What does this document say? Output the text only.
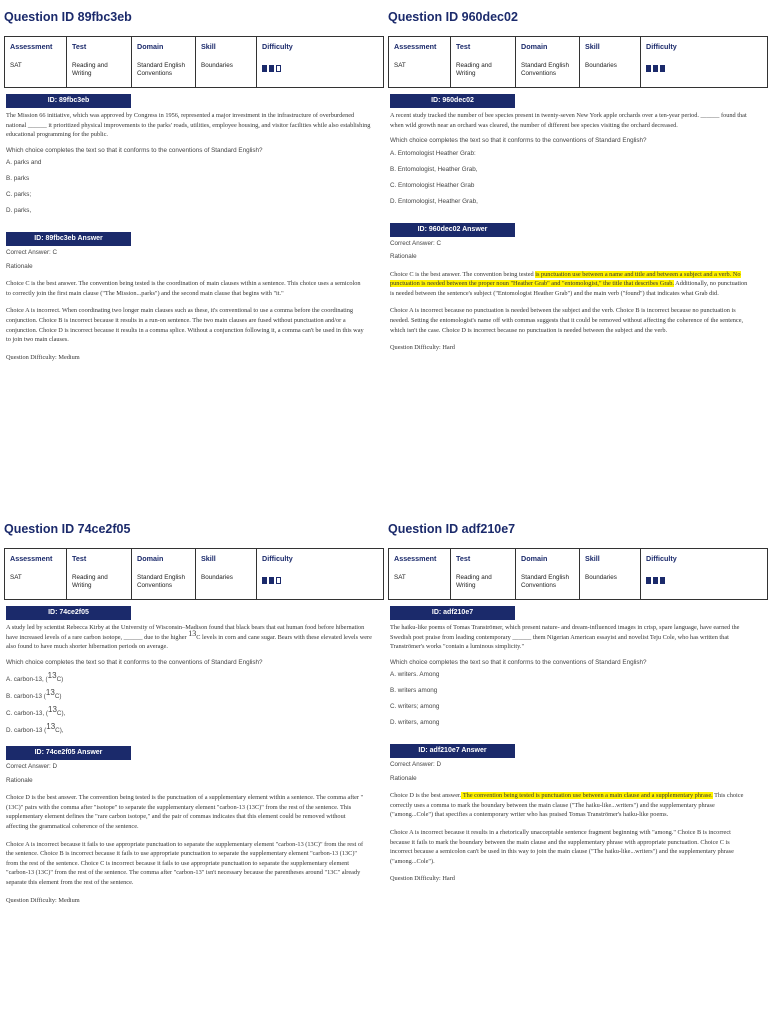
Question ID 89fbc3eb
Assessment	Test	Domain	Skill	Difficulty
SAT	Reading and Writing	Standard English Conventions	Boundaries	
ID: 89fbc3eb
The Mission 66 initiative, which was approved by Congress in 1956, represented a major investment in the infrastructure of overburdened national ______ it prioritized physical improvements to the parks' roads, utilities, employee housing, and visitor facilities while also establishing educational programming for the public.
Which choice completes the text so that it conforms to the conventions of Standard English?
A. parks and
B. parks
C. parks;
D. parks,
ID: 89fbc3eb Answer
Correct Answer: C
Rationale
Choice C is the best answer. The convention being tested is the coordination of main clauses within a sentence. This choice uses a semicolon to correctly join the first main clause ("The Mission...parks") and the second main clause that begins with "it."
Choice A is incorrect. When coordinating two longer main clauses such as these, it's conventional to use a comma before the coordinating conjunction. Choice B is incorrect because it results in a run-on sentence. The two main clauses are fused without punctuation and/or a conjunction. Choice D is incorrect because it results in a comma splice. Without a conjunction following it, a comma can't be used in this way to join two main clauses.
Question Difficulty: Medium
Question ID 960dec02
Assessment	Test	Domain	Skill	Difficulty
SAT	Reading and Writing	Standard English Conventions	Boundaries	
ID: 960dec02
A recent study tracked the number of bee species present in twenty-seven New York apple orchards over a ten-year period. ______ found that when wild growth near an orchard was cleared, the number of different bee species visiting the orchard decreased.
Which choice completes the text so that it conforms to the conventions of Standard English?
A. Entomologist Heather Grab:
B. Entomologist, Heather Grab,
C. Entomologist Heather Grab
D. Entomologist, Heather Grab,
ID: 960dec02 Answer
Correct Answer: C
Rationale
Choice C is the best answer. The convention being tested is punctuation use between a name and title and between a subject and a verb. No punctuation is needed between the proper noun "Heather Grab" and "entomologist," the title that describes Grab. Additionally, no punctuation is needed between the sentence's subject ("Entomologist Heather Grab") and the main verb ("found") that indicates what Grab did.
Choice A is incorrect because no punctuation is needed between the subject and the verb. Choice B is incorrect because no punctuation is needed. Setting the entomologist's name off with commas suggests that it could be removed without affecting the coherence of the sentence, which isn't the case. Choice D is incorrect because no punctuation is needed between the subject and the verb.
Question Difficulty: Hard
Question ID 74ce2f05
Assessment	Test	Domain	Skill	Difficulty
SAT	Reading and Writing	Standard English Conventions	Boundaries	
ID: 74ce2f05
A study led by scientist Rebecca Kirby at the University of Wisconsin–Madison found that black bears that eat human food before hibernation have increased levels of a rare carbon isotope, ______ due to the higher $^{13}$C levels in corn and cane sugar. Bears with these elevated levels were also found to have much shorter hibernation periods on average.
Which choice completes the text so that it conforms to the conventions of Standard English?
A. carbon-13, ($^{13}$C)
B. carbon-13 ($^{13}$C)
C. carbon-13, ($^{13}$C),
D. carbon-13 ($^{13}$C),
ID: 74ce2f05 Answer
Correct Answer: D
Rationale
Choice D is the best answer. The convention being tested is the punctuation of a supplementary element within a sentence. The comma after "(13C)" pairs with the comma after "isotope" to separate the supplementary element "carbon-13 (13C)" from the rest of the sentence. This supplementary element defines the "rare carbon isotope," and the pair of commas indicates that this element could be removed without affecting the grammatical coherence of the sentence.
Choice A is incorrect because it fails to use appropriate punctuation to separate the supplementary element "carbon-13 (13C)" from the rest of the sentence. Choice B is incorrect because it fails to use appropriate punctuation to separate the supplementary element "carbon-13 (13C)" from the rest of the sentence. Choice C is incorrect because it fails to use appropriate punctuation to separate the supplementary element "carbon-13 (13C)" from the rest of the sentence. The comma after "carbon-13" isn't necessary because the parentheses around "13C" already separate this element from the rest of the sentence.
Question Difficulty: Medium
Question ID adf210e7
Assessment	Test	Domain	Skill	Difficulty
SAT	Reading and Writing	Standard English Conventions	Boundaries	
ID: adf210e7
The haiku-like poems of Tomas Tranströmer, which present nature- and dream-influenced images in crisp, spare language, have earned the Swedish poet praise from leading contemporary ______ them Nigerian American essayist and novelist Teju Cole, who has written that Tranströmer's works "contain a luminous simplicity."
Which choice completes the text so that it conforms to the conventions of Standard English?
A. writers. Among
B. writers among
C. writers; among
D. writers, among
ID: adf210e7 Answer
Correct Answer: D
Rationale
Choice D is the best answer. The convention being tested is punctuation use between a main clause and a supplementary phrase. This choice correctly uses a comma to mark the boundary between the main clause ("The haiku-like...writers") and the supplementary phrase ("among...Cole") that specifies a contemporary writer who has praised Tomas Tranströmer's haiku-like poems.
Choice A is incorrect because it results in a rhetorically unacceptable sentence fragment beginning with "among." Choice B is incorrect because it fails to mark the boundary between the main clause and the supplementary phrase with appropriate punctuation. Choice C is incorrect because a semicolon can't be used in this way to join the main clause ("The haiku-like...writers") and the supplementary phrase ("among...Cole").
Question Difficulty: Hard
